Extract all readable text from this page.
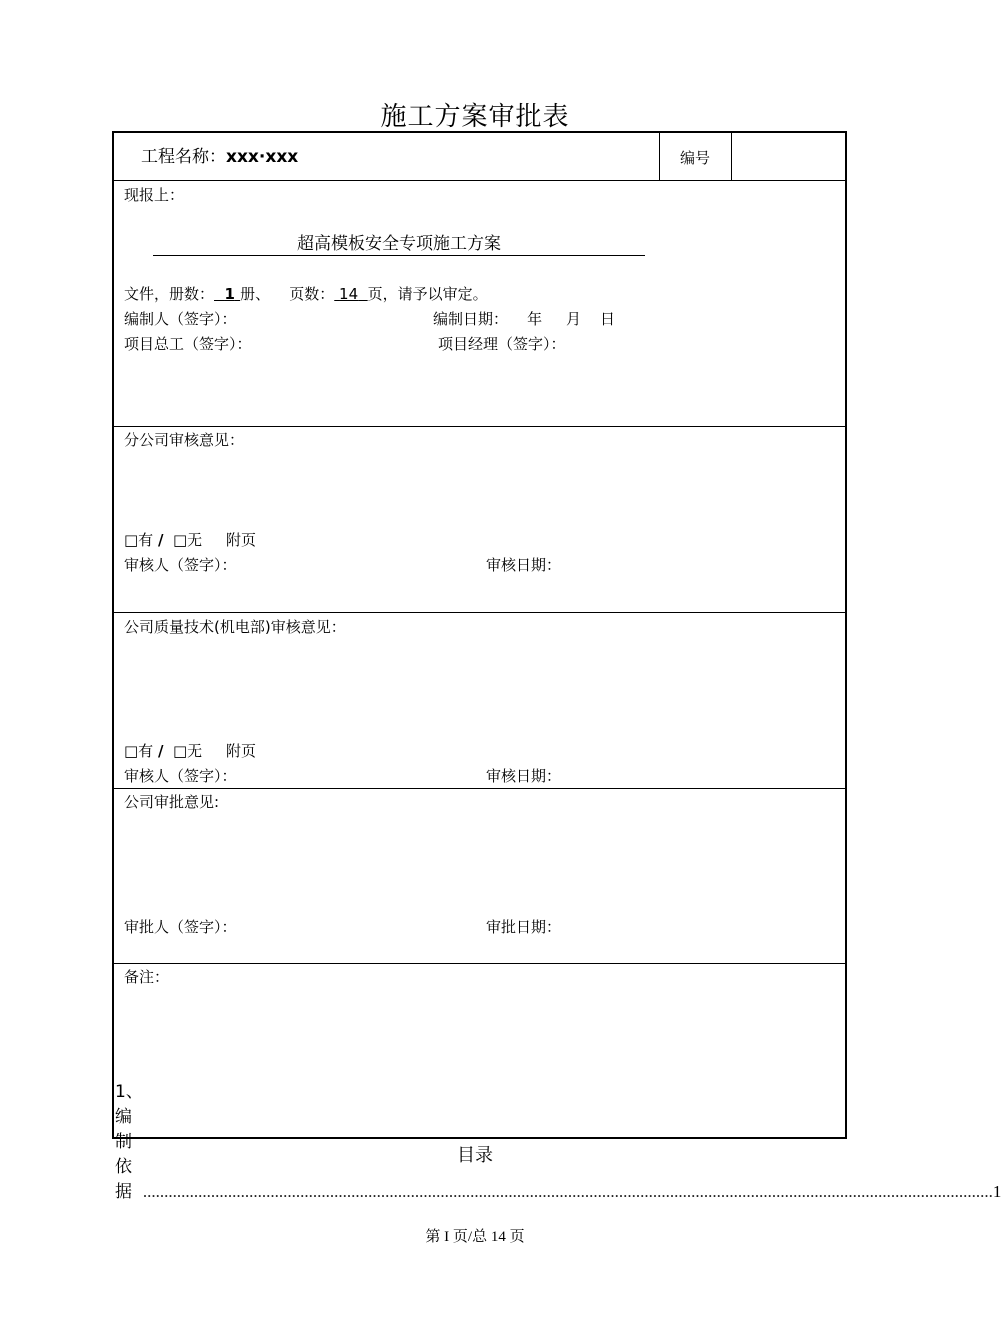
施工方案审批表
工程名称：xxx·xxx	编号
现报上：
超高模板安全专项施工方案
文件，册数： 1 册、 页数： 14 页，请予以审定。
编制人（签字）：	编制日期： 年 月 日
项目总工（签字）：	项目经理（签字）：
分公司审核意见：
□有 / □无     附页
审核人（签字）：	审核日期：
公司质量技术(机电部)审核意见：
□有 / □无     附页
审核人（签字）：	审核日期：
公司审批意见:
审批人（签字）：	审批日期：
备注：
目录
1、编制依据 ........................................................................................................................................................................................................ 1
第 I 页/总 14 页
